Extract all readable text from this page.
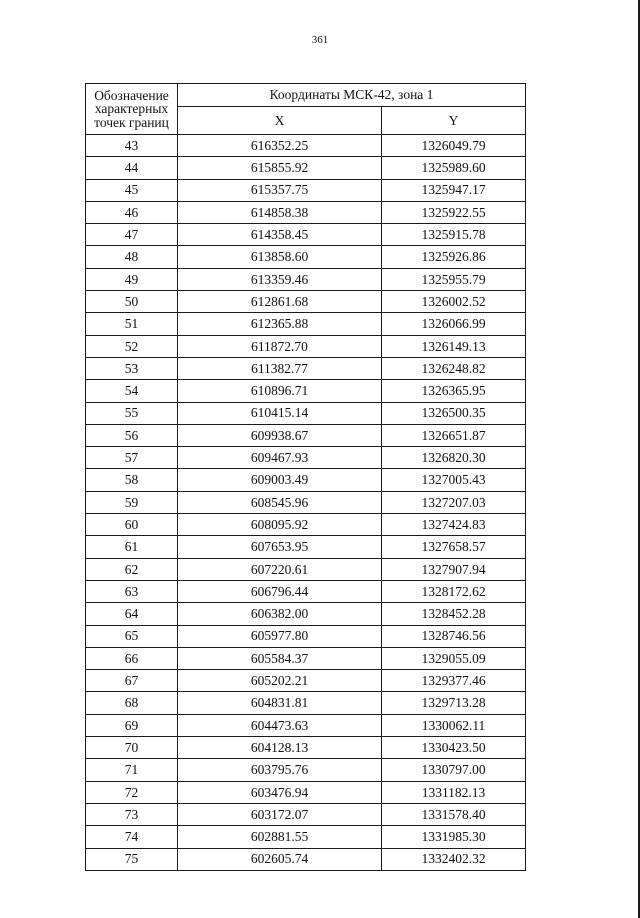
361
Обозначение
характерных
точек границ	Координаты МСК-42, зона 1	
	X	Y
43	616352.25	1326049.79
44	615855.92	1325989.60
45	615357.75	1325947.17
46	614858.38	1325922.55
47	614358.45	1325915.78
48	613858.60	1325926.86
49	613359.46	1325955.79
50	612861.68	1326002.52
51	612365.88	1326066.99
52	611872.70	1326149.13
53	611382.77	1326248.82
54	610896.71	1326365.95
55	610415.14	1326500.35
56	609938.67	1326651.87
57	609467.93	1326820.30
58	609003.49	1327005.43
59	608545.96	1327207.03
60	608095.92	1327424.83
61	607653.95	1327658.57
62	607220.61	1327907.94
63	606796.44	1328172.62
64	606382.00	1328452.28
65	605977.80	1328746.56
66	605584.37	1329055.09
67	605202.21	1329377.46
68	604831.81	1329713.28
69	604473.63	1330062.11
70	604128.13	1330423.50
71	603795.76	1330797.00
72	603476.94	1331182.13
73	603172.07	1331578.40
74	602881.55	1331985.30
75	602605.74	1332402.32
